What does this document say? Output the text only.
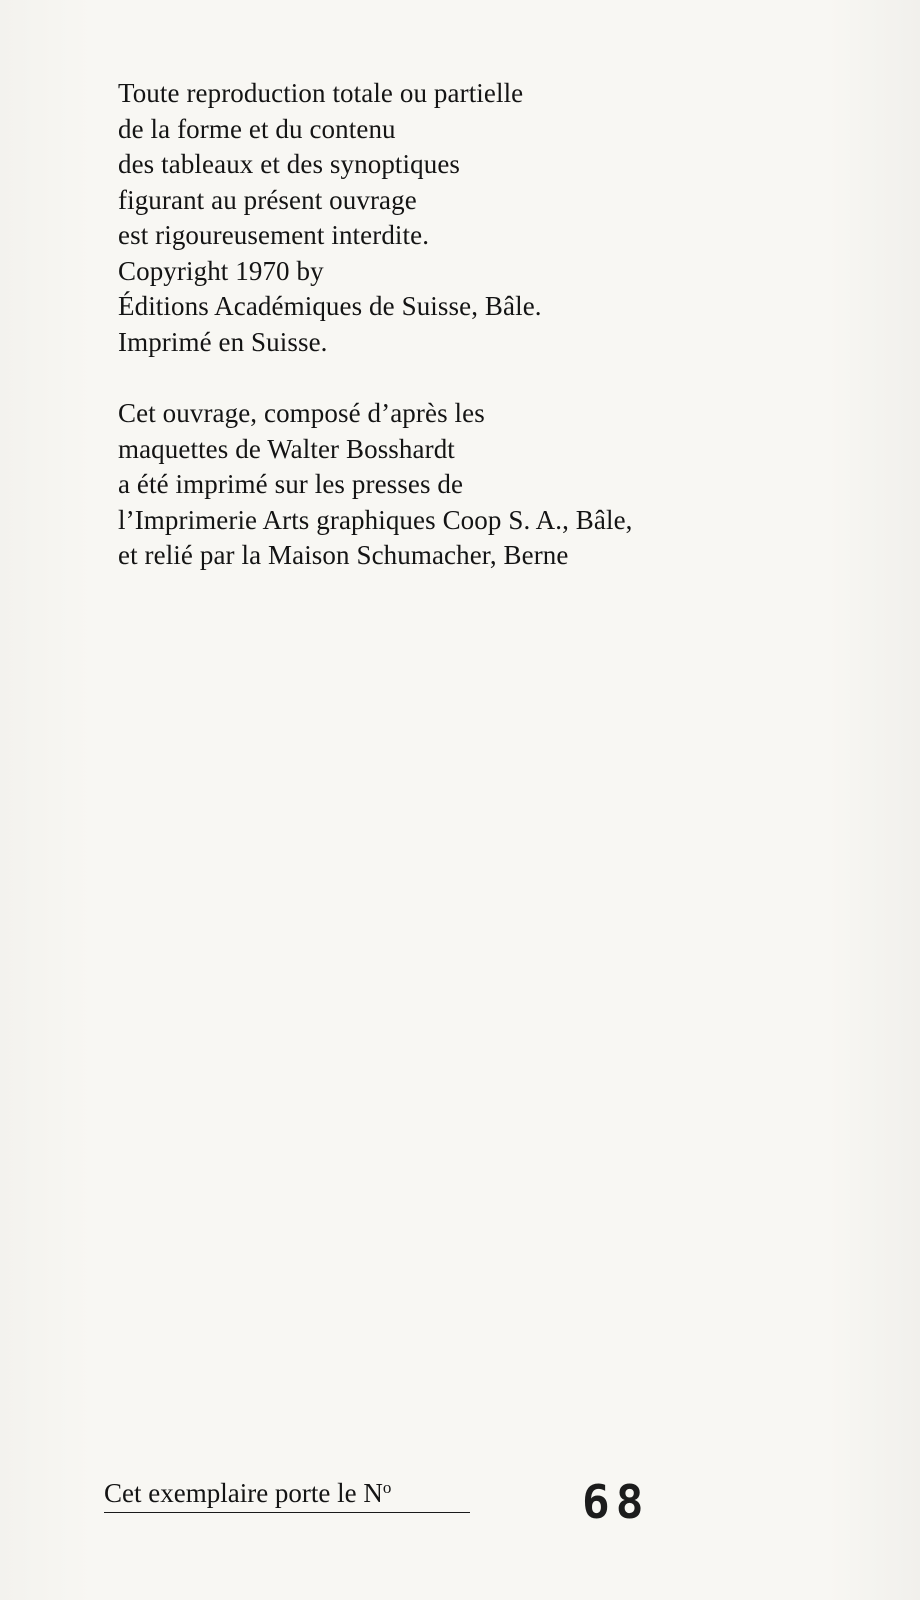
Toute reproduction totale ou partielle

de la forme et du contenu

des tableaux et des synoptiques

figurant au présent ouvrage

est rigoureusement interdite.

Copyright 1970 by

Éditions Académiques de Suisse, Bâle.

Imprimé en Suisse.

Cet ouvrage, composé d’après les

maquettes de Walter Bosshardt

a été imprimé sur les presses de

l’Imprimerie Arts graphiques Coop S. A., Bâle,

et relié par la Maison Schumacher, Berne

Cet exemplaire porte le $N^o$	68
